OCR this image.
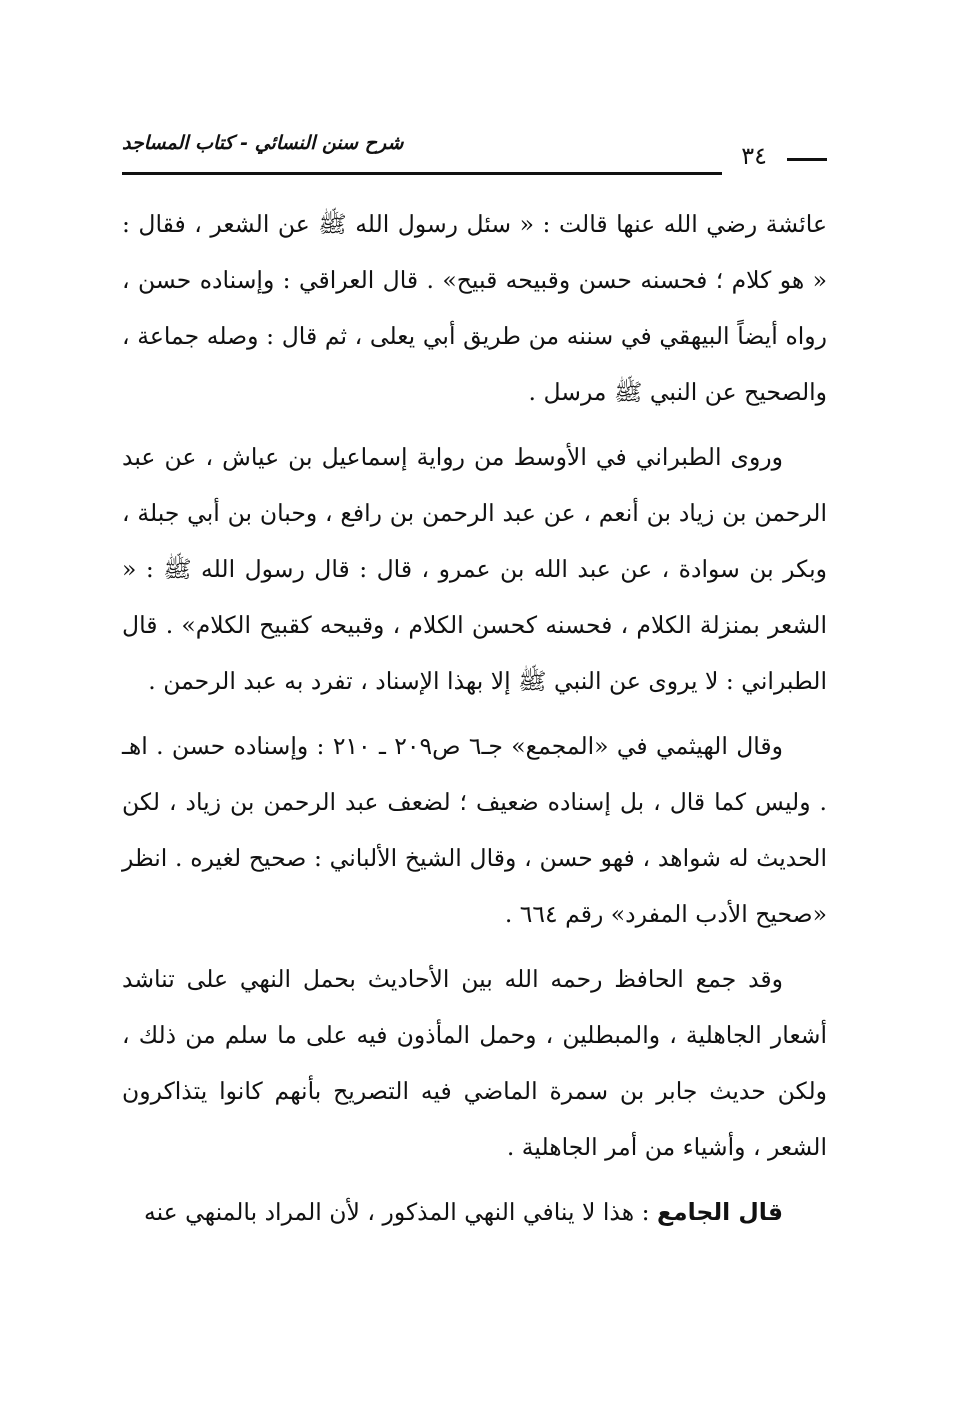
شرح سنن النسائي - كتاب المساجد	٣٤

عائشة رضي الله عنها قالت : « سئل رسول الله ﷺ عن الشعر ، فقال : « هو كلام ؛ فحسنه حسن وقبيحه قبيح» . قال العراقي : وإسناده حسن ، رواه أيضاً البيهقي في سننه من طريق أبي يعلى ، ثم قال : وصله جماعة ، والصحيح عن النبي ﷺ مرسل .

وروى الطبراني في الأوسط من رواية إسماعيل بن عياش ، عن عبد الرحمن بن زياد بن أنعم ، عن عبد الرحمن بن رافع ، وحبان بن أبي جبلة ، وبكر بن سوادة ، عن عبد الله بن عمرو ، قال : قال رسول الله ﷺ : « الشعر بمنزلة الكلام ، فحسنه كحسن الكلام ، وقبيحه كقبيح الكلام» . قال الطبراني : لا يروى عن النبي ﷺ إلا بهذا الإسناد ، تفرد به عبد الرحمن .

وقال الهيثمي في «المجمع» جـ٦ ص٢٠٩ ـ ٢١٠ : وإسناده حسن . اهـ . وليس كما قال ، بل إسناده ضعيف ؛ لضعف عبد الرحمن بن زياد ، لكن الحديث له شواهد ، فهو حسن ، وقال الشيخ الألباني : صحيح لغيره . انظر «صحيح الأدب المفرد» رقم ٦٦٤ .

وقد جمع الحافظ رحمه الله بين الأحاديث بحمل النهي على تناشد أشعار الجاهلية ، والمبطلين ، وحمل المأذون فيه على ما سلم من ذلك ، ولكن حديث جابر بن سمرة الماضي فيه التصريح بأنهم كانوا يتذاكرون الشعر ، وأشياء من أمر الجاهلية .

قال الجامع : هذا لا ينافي النهي المذكور ، لأن المراد بالمنهي عنه
